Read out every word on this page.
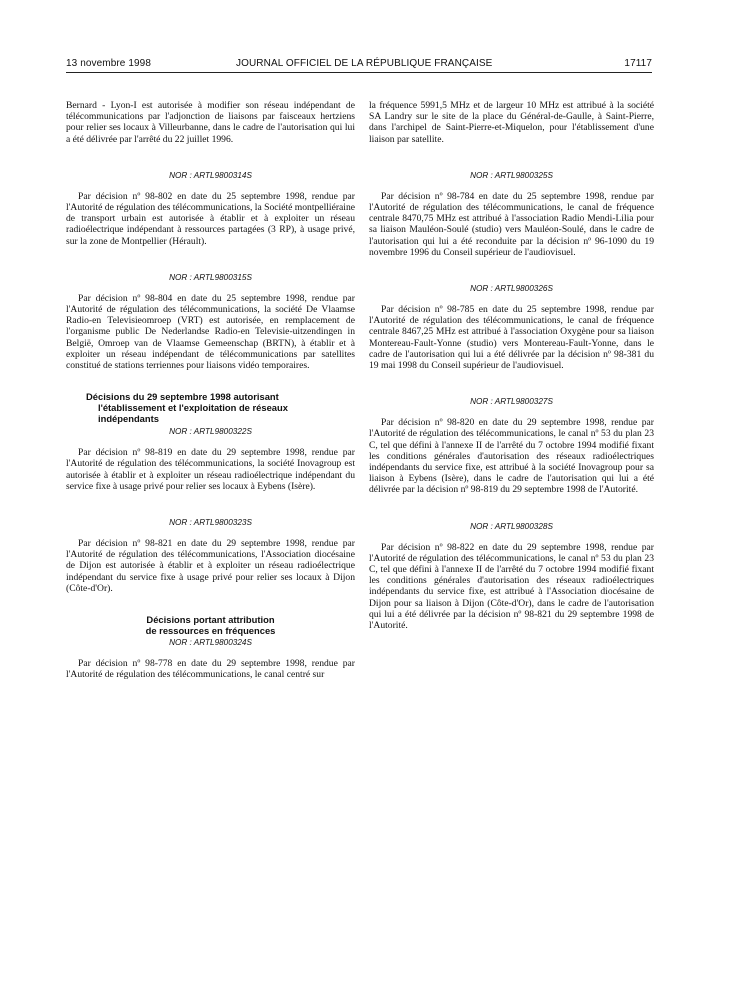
13 novembre 1998	JOURNAL OFFICIEL DE LA RÉPUBLIQUE FRANÇAISE	17117

Bernard - Lyon-I est autorisée à modifier son réseau indépendant de télécommunications par l'adjonction de liaisons par faisceaux hertziens pour relier ses locaux à Villeurbanne, dans le cadre de l'autorisation qui lui a été délivrée par l'arrêté du 22 juillet 1996.

NOR : ARTL9800314S

Par décision nº 98-802 en date du 25 septembre 1998, rendue par l'Autorité de régulation des télécommunications, la Société montpelliéraine de transport urbain est autorisée à établir et à exploiter un réseau radioélectrique indépendant à ressources partagées (3 RP), à usage privé, sur la zone de Montpellier (Hérault).

NOR : ARTL9800315S

Par décision nº 98-804 en date du 25 septembre 1998, rendue par l'Autorité de régulation des télécommunications, la société De Vlaamse Radio-en Televisieomroep (VRT) est autorisée, en remplacement de l'organisme public De Nederlandse Radio-en Televisie-uitzendingen in België, Omroep van de Vlaamse Gemeenschap (BRTN), à établir et à exploiter un réseau indépendant de télécommunications par satellites constitué de stations terriennes pour liaisons vidéo temporaires.

Décisions du 29 septembre 1998 autorisant l'établissement et l'exploitation de réseaux indépendants

NOR : ARTL9800322S

Par décision nº 98-819 en date du 29 septembre 1998, rendue par l'Autorité de régulation des télécommunications, la société Inovagroup est autorisée à établir et à exploiter un réseau radioélectrique indépendant du service fixe à usage privé pour relier ses locaux à Eybens (Isère).

NOR : ARTL9800323S

Par décision nº 98-821 en date du 29 septembre 1998, rendue par l'Autorité de régulation des télécommunications, l'Association diocésaine de Dijon est autorisée à établir et à exploiter un réseau radioélectrique indépendant du service fixe à usage privé pour relier ses locaux à Dijon (Côte-d'Or).

Décisions portant attribution

de ressources en fréquences

NOR : ARTL9800324S

Par décision nº 98-778 en date du 29 septembre 1998, rendue par l'Autorité de régulation des télécommunications, le canal centré sur

la fréquence 5991,5 MHz et de largeur 10 MHz est attribué à la société SA Landry sur le site de la place du Général-de-Gaulle, à Saint-Pierre, dans l'archipel de Saint-Pierre-et-Miquelon, pour l'établissement d'une liaison par satellite.

NOR : ARTL9800325S

Par décision nº 98-784 en date du 25 septembre 1998, rendue par l'Autorité de régulation des télécommunications, le canal de fréquence centrale 8470,75 MHz est attribué à l'association Radio Mendi-Lilia pour sa liaison Mauléon-Soulé (studio) vers Mauléon-Soulé, dans le cadre de l'autorisation qui lui a été reconduite par la décision nº 96-1090 du 19 novembre 1996 du Conseil supérieur de l'audiovisuel.

NOR : ARTL9800326S

Par décision nº 98-785 en date du 25 septembre 1998, rendue par l'Autorité de régulation des télécommunications, le canal de fréquence centrale 8467,25 MHz est attribué à l'association Oxygène pour sa liaison Montereau-Fault-Yonne (studio) vers Montereau-Fault-Yonne, dans le cadre de l'autorisation qui lui a été délivrée par la décision nº 98-381 du 19 mai 1998 du Conseil supérieur de l'audiovisuel.

NOR : ARTL9800327S

Par décision nº 98-820 en date du 29 septembre 1998, rendue par l'Autorité de régulation des télécommunications, le canal nº 53 du plan 23 C, tel que défini à l'annexe II de l'arrêté du 7 octobre 1994 modifié fixant les conditions générales d'autorisation des réseaux radioélectriques indépendants du service fixe, est attribué à la société Inovagroup pour sa liaison à Eybens (Isère), dans le cadre de l'autorisation qui lui a été délivrée par la décision nº 98-819 du 29 septembre 1998 de l'Autorité.

NOR : ARTL9800328S

Par décision nº 98-822 en date du 29 septembre 1998, rendue par l'Autorité de régulation des télécommunications, le canal nº 53 du plan 23 C, tel que défini à l'annexe II de l'arrêté du 7 octobre 1994 modifié fixant les conditions générales d'autorisation des réseaux radioélectriques indépendants du service fixe, est attribué à l'Association diocésaine de Dijon pour sa liaison à Dijon (Côte-d'Or), dans le cadre de l'autorisation qui lui a été délivrée par la décision nº 98-821 du 29 septembre 1998 de l'Autorité.
